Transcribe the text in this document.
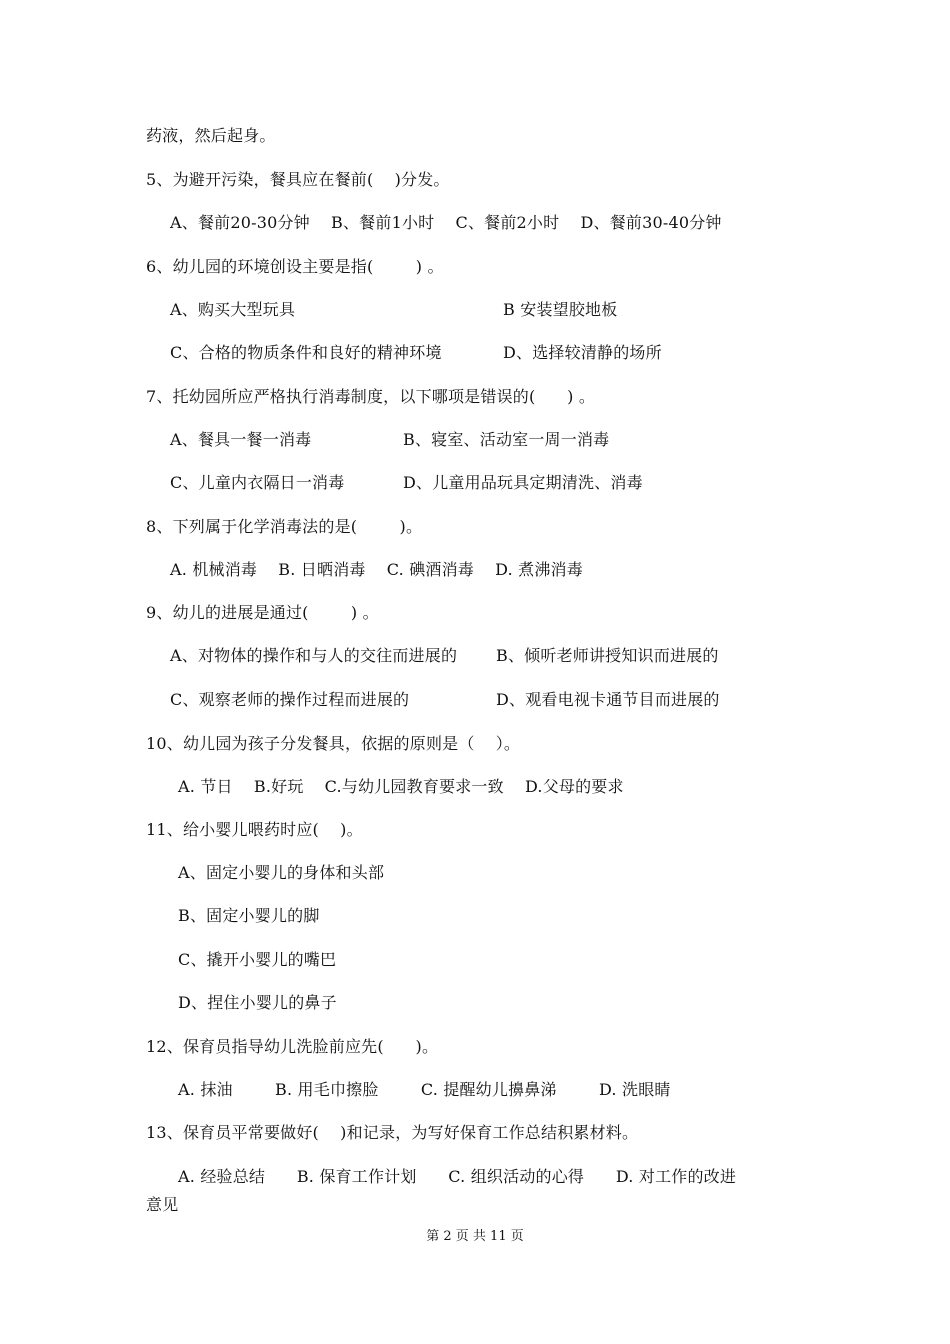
药液，然后起身。
5、为避开污染，餐具应在餐前(    )分发。
A、餐前20-30分钟    B、餐前1小时    C、餐前2小时    D、餐前30-40分钟
6、幼儿园的环境创设主要是指(        ) 。
A、购买大型玩具	B 安装望胶地板
C、合格的物质条件和良好的精神环境	D、选择较清静的场所
7、托幼园所应严格执行消毒制度，以下哪项是错误的(      ) 。
A、餐具一餐一消毒	B、寝室、活动室一周一消毒
C、儿童内衣隔日一消毒	D、儿童用品玩具定期清洗、消毒
8、下列属于化学消毒法的是(        )。
A. 机械消毒    B. 日晒消毒    C. 碘酒消毒    D. 煮沸消毒
9、幼儿的进展是通过(        ) 。
A、对物体的操作和与人的交往而进展的 B、倾听老师讲授知识而进展的
C、观察老师的操作过程而进展的	D、观看电视卡通节目而进展的
10、幼儿园为孩子分发餐具，依据的原则是（    ）。
A. 节日    B.好玩    C.与幼儿园教育要求一致    D.父母的要求
11、给小婴儿喂药时应(    )。
A、固定小婴儿的身体和头部
B、固定小婴儿的脚
C、撬开小婴儿的嘴巴
D、捏住小婴儿的鼻子
12、保育员指导幼儿洗脸前应先(      )。
A. 抹油        B. 用毛巾擦脸        C. 提醒幼儿擤鼻涕        D. 洗眼睛
13、保育员平常要做好(    )和记录，为写好保育工作总结积累材料。
A. 经验总结      B. 保育工作计划      C. 组织活动的心得      D. 对工作的改进
意见
第 2 页 共 11 页
